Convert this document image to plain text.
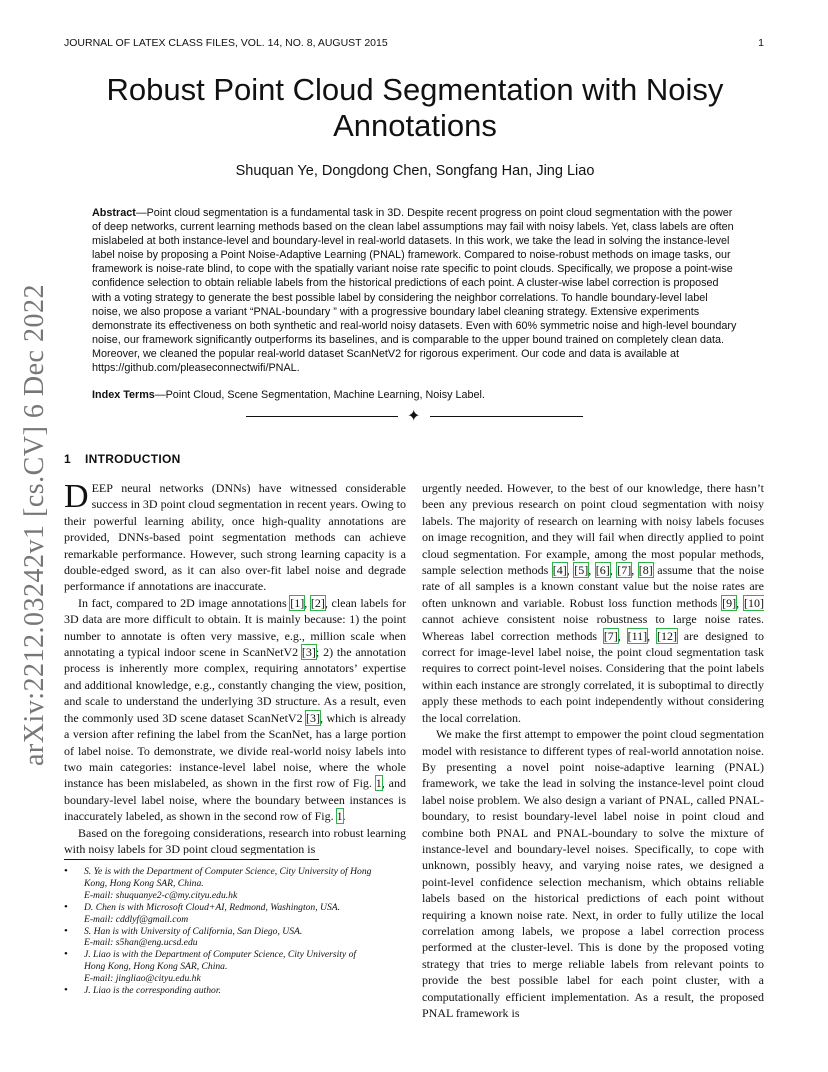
JOURNAL OF LATEX CLASS FILES, VOL. 14, NO. 8, AUGUST 2015	1
arXiv:2212.03242v1 [cs.CV] 6 Dec 2022
Robust Point Cloud Segmentation with Noisy Annotations
Shuquan Ye, Dongdong Chen, Songfang Han, Jing Liao
Abstract—Point cloud segmentation is a fundamental task in 3D. Despite recent progress on point cloud segmentation with the power of deep networks, current learning methods based on the clean label assumptions may fail with noisy labels. Yet, class labels are often mislabeled at both instance-level and boundary-level in real-world datasets. In this work, we take the lead in solving the instance-level label noise by proposing a Point Noise-Adaptive Learning (PNAL) framework. Compared to noise-robust methods on image tasks, our framework is noise-rate blind, to cope with the spatially variant noise rate specific to point clouds. Specifically, we propose a point-wise confidence selection to obtain reliable labels from the historical predictions of each point. A cluster-wise label correction is proposed with a voting strategy to generate the best possible label by considering the neighbor correlations. To handle boundary-level label noise, we also propose a variant “PNAL-boundary ” with a progressive boundary label cleaning strategy. Extensive experiments demonstrate its effectiveness on both synthetic and real-world noisy datasets. Even with 60% symmetric noise and high-level boundary noise, our framework significantly outperforms its baselines, and is comparable to the upper bound trained on completely clean data. Moreover, we cleaned the popular real-world dataset ScanNetV2 for rigorous experiment. Our code and data is available at https://github.com/pleaseconnectwifi/PNAL.
Index Terms—Point Cloud, Scene Segmentation, Machine Learning, Noisy Label.
✦
1 INTRODUCTION

DEEP neural networks (DNNs) have witnessed considerable success in 3D point cloud segmentation in recent years. Owing to their powerful learning ability, once high-quality annotations are provided, DNNs-based point segmentation methods can achieve remarkable performance. However, such strong learning capacity is a double-edged sword, as it can also over-fit label noise and degrade performance if annotations are inaccurate.

In fact, compared to 2D image annotations [1], [2], clean labels for 3D data are more difficult to obtain. It is mainly because: 1) the point number to annotate is often very massive, e.g., million scale when annotating a typical indoor scene in ScanNetV2 [3]; 2) the annotation process is inherently more complex, requiring annotators’ expertise and additional knowledge, e.g., constantly changing the view, position, and scale to understand the underlying 3D structure. As a result, even the commonly used 3D scene dataset ScanNetV2 [3], which is already a version after refining the label from the ScanNet, has a large portion of label noise. To demonstrate, we divide real-world noisy labels into two main categories: instance-level label noise, where the whole instance has been mislabeled, as shown in the first row of Fig. 1, and boundary-level label noise, where the boundary between instances is inaccurately labeled, as shown in the second row of Fig. 1.

Based on the foregoing considerations, research into robust learning with noisy labels for 3D point cloud segmentation is

urgently needed. However, to the best of our knowledge, there hasn’t been any previous research on point cloud segmentation with noisy labels. The majority of research on learning with noisy labels focuses on image recognition, and they will fail when directly applied to point cloud segmentation. For example, among the most popular methods, sample selection methods [4], [5], [6], [7], [8] assume that the noise rate of all samples is a known constant value but the noise rates are often unknown and variable. Robust loss function methods [9], [10] cannot achieve consistent noise robustness to large noise rates. Whereas label correction methods [7], [11], [12] are designed to correct for image-level label noise, the point cloud segmentation task requires to correct point-level noises. Considering that the point labels within each instance are strongly correlated, it is suboptimal to directly apply these methods to each point independently without considering the local correlation.

We make the first attempt to empower the point cloud segmentation model with resistance to different types of real-world annotation noise. By presenting a novel point noise-adaptive learning (PNAL) framework, we take the lead in solving the instance-level point cloud label noise problem. We also design a variant of PNAL, called PNAL-boundary, to resist boundary-level label noise in point cloud and combine both PNAL and PNAL-boundary to solve the mixture of instance-level and boundary-level noises. Specifically, to cope with unknown, possibly heavy, and varying noise rates, we designed a point-level confidence selection mechanism, which obtains reliable labels based on the historical predictions of each point without requiring a known noise rate. Next, in order to fully utilize the local correlation among labels, we propose a label correction process performed at the cluster-level. This is done by the proposed voting strategy that tries to merge reliable labels from relevant points to provide the best possible label for each point cluster, with a computationally efficient implementation. As a result, the proposed PNAL framework is

• S. Ye is with the Department of Computer Science, City University of Hong
Kong, Hong Kong SAR, China.
E-mail: shuquanye2-c@my.cityu.edu.hk
• D. Chen is with Microsoft Cloud+AI, Redmond, Washington, USA.
E-mail: cddlyf@gmail.com
• S. Han is with University of California, San Diego, USA.
E-mail: s5han@eng.ucsd.edu
• J. Liao is with the Department of Computer Science, City University of
Hong Kong, Hong Kong SAR, China.
E-mail: jingliao@cityu.edu.hk
• J. Liao is the corresponding author.
